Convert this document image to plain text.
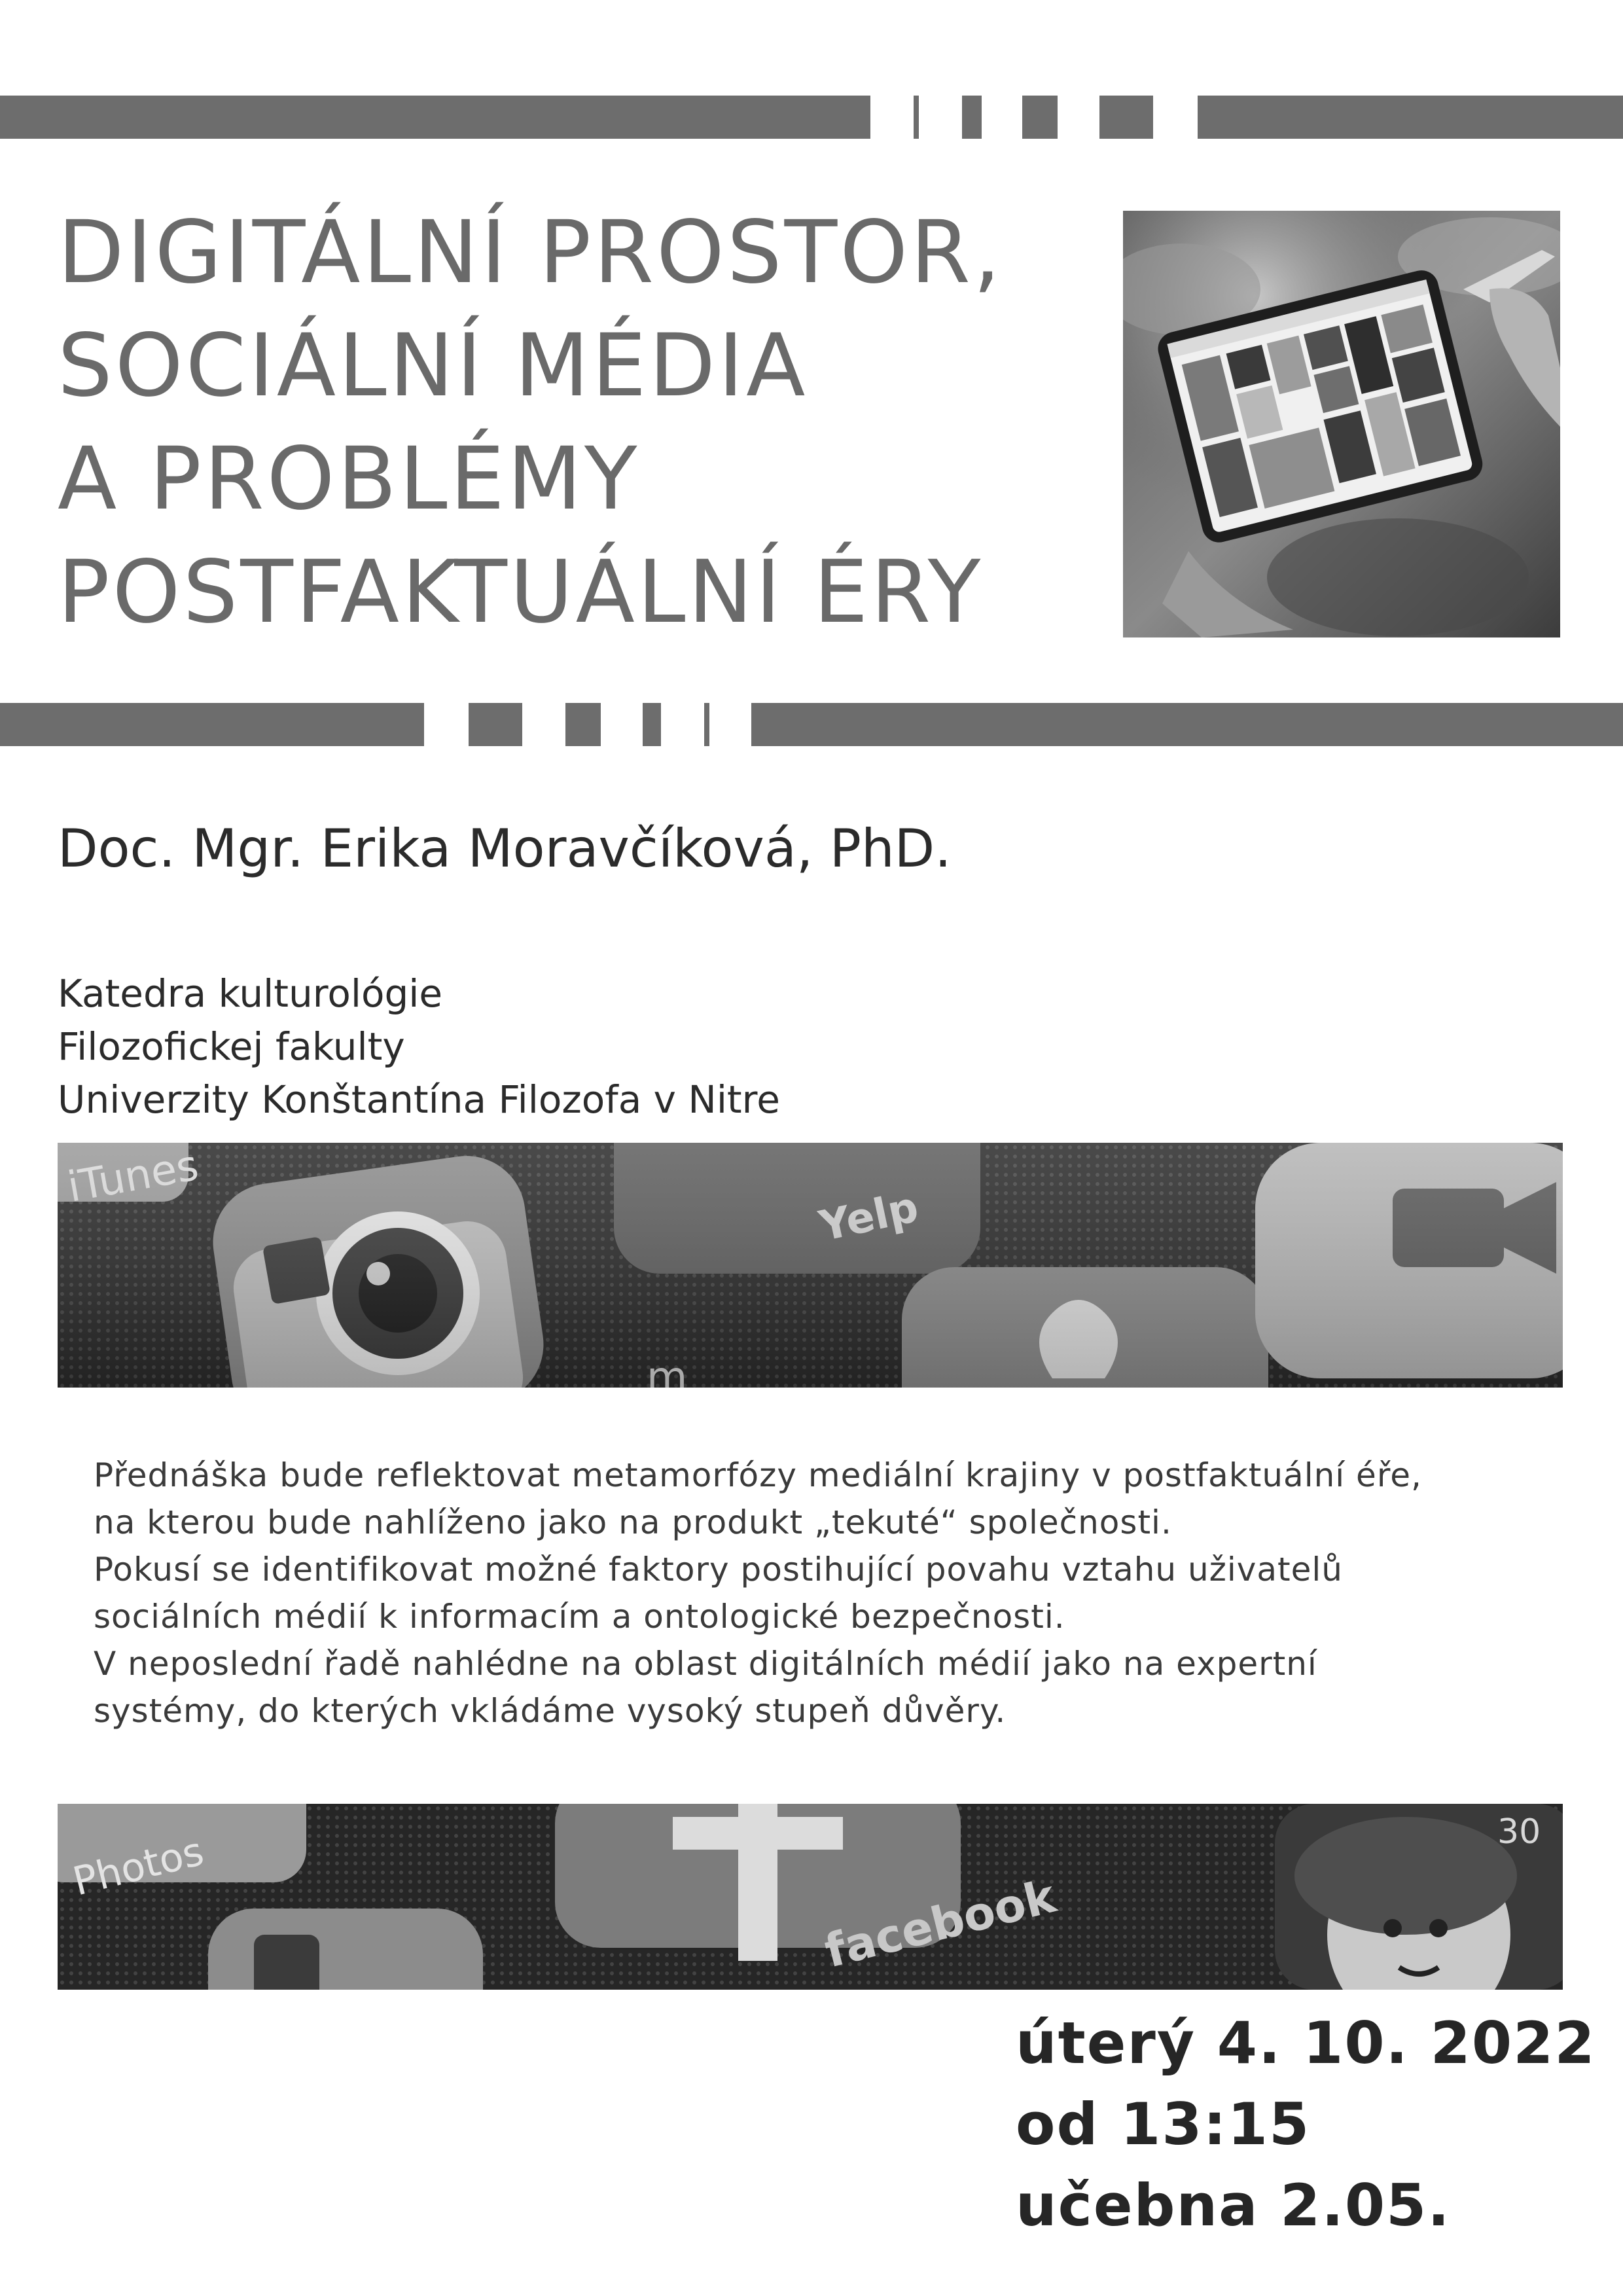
DIGITÁLNÍ PROSTOR,
SOCIÁLNÍ MÉDIA
A PROBLÉMY
POSTFAKTUÁLNÍ ÉRY
Doc. Mgr. Erika Moravčíková, PhD.
Katedra kulturológie
Filozofickej fakulty
Univerzity Konštantína Filozofa v Nitre
Přednáška bude reflektovat metamorfózy mediální krajiny v postfaktuální éře,
na kterou bude nahlíženo jako na produkt „tekuté“ společnosti.
Pokusí se identifikovat možné faktory postihující povahu vztahu uživatelů
sociálních médií k informacím a ontologické bezpečnosti.
V neposlední řadě nahlédne na oblast digitálních médií jako na expertní
systémy, do kterých vkládáme vysoký stupeň důvěry.
Photos
facebook
30
úterý 4. 10. 2022
od 13:15
učebna 2.05.
